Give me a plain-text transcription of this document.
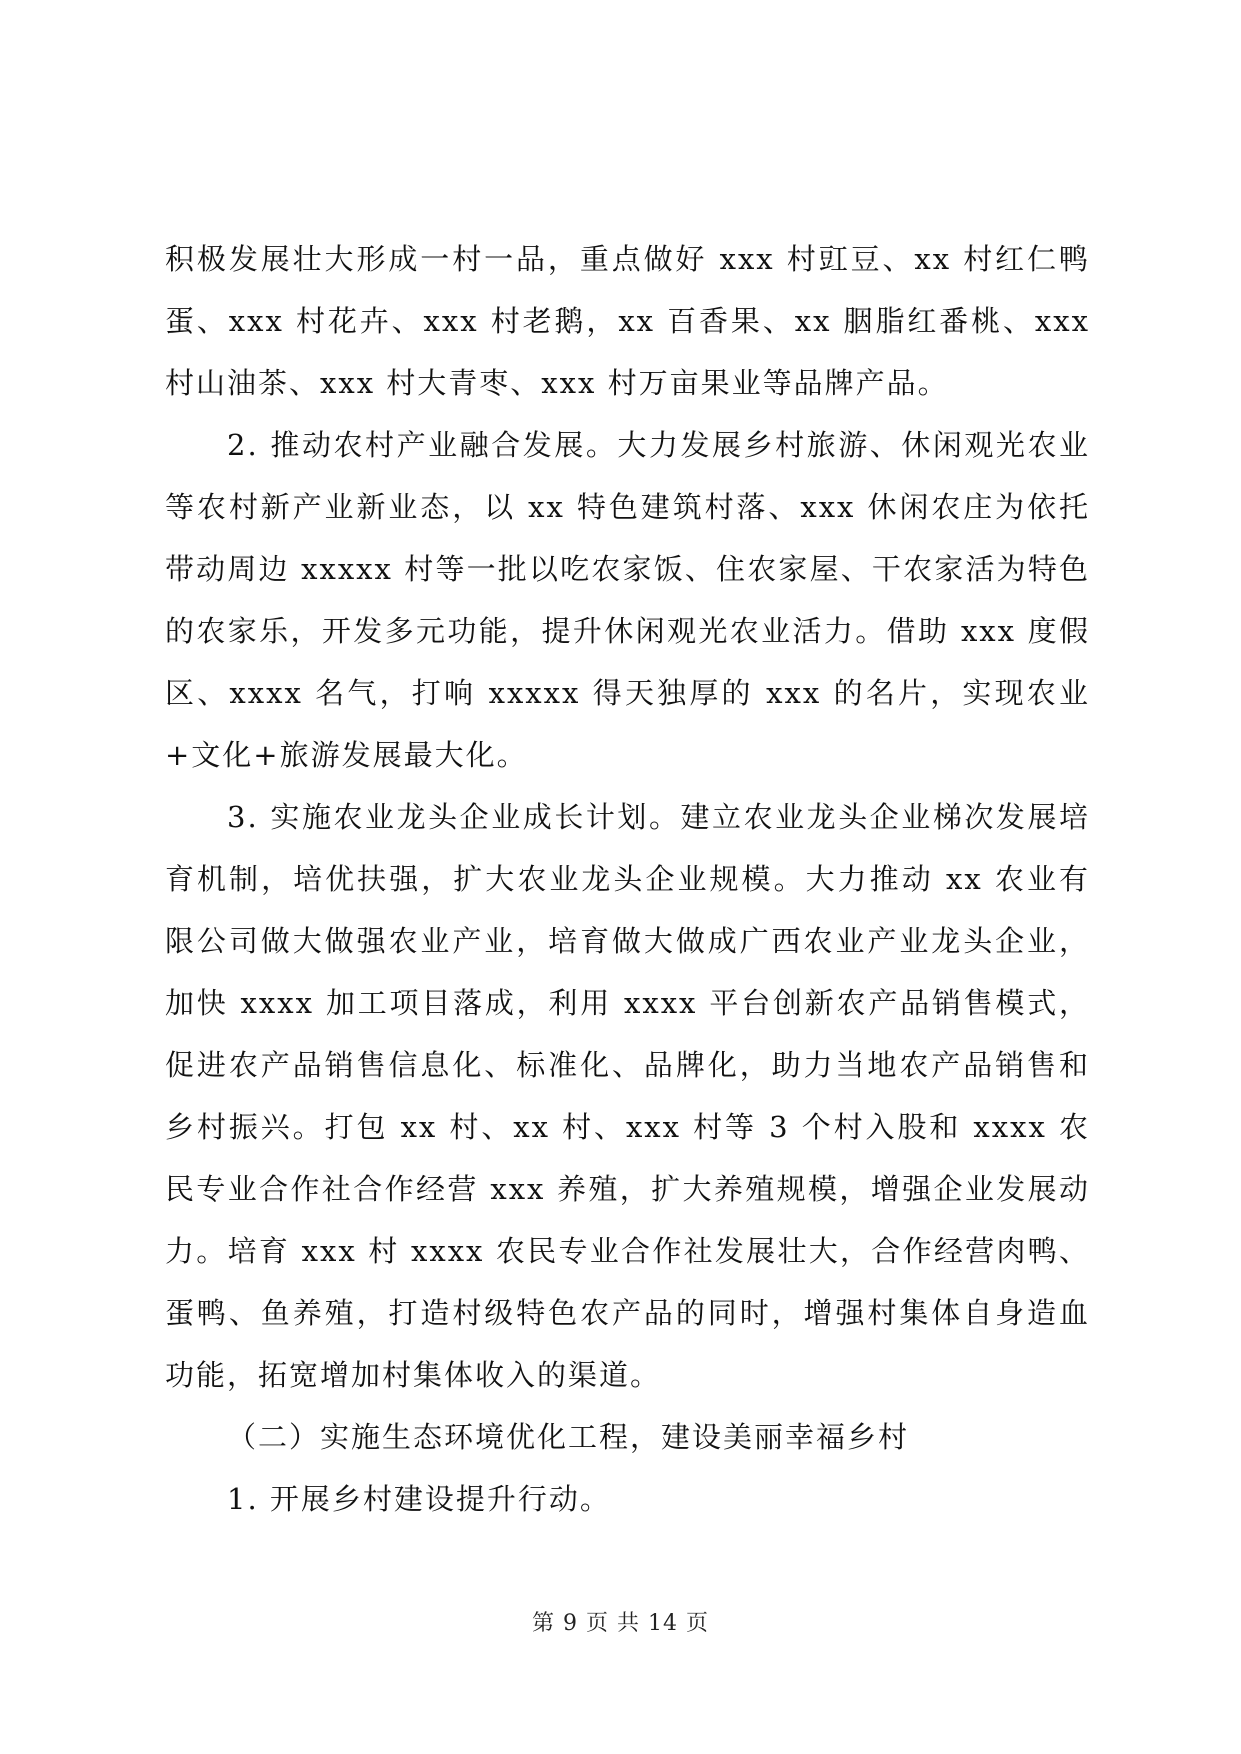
积极发展壮大形成一村一品，重点做好 xxx 村豇豆、xx 村红仁鸭蛋、xxx 村花卉、xxx 村老鹅，xx 百香果、xx 胭脂红番桃、xxx 村山油茶、xxx 村大青枣、xxx 村万亩果业等品牌产品。

2. 推动农村产业融合发展。大力发展乡村旅游、休闲观光农业等农村新产业新业态，以 xx 特色建筑村落、xxx 休闲农庄为依托带动周边 xxxxx 村等一批以吃农家饭、住农家屋、干农家活为特色的农家乐，开发多元功能，提升休闲观光农业活力。借助 xxx 度假区、xxxx 名气，打响 xxxxx 得天独厚的 xxx 的名片，实现农业+文化+旅游发展最大化。

3. 实施农业龙头企业成长计划。建立农业龙头企业梯次发展培育机制，培优扶强，扩大农业龙头企业规模。大力推动 xx 农业有限公司做大做强农业产业，培育做大做成广西农业产业龙头企业，加快 xxxx 加工项目落成，利用 xxxx 平台创新农产品销售模式，促进农产品销售信息化、标准化、品牌化，助力当地农产品销售和乡村振兴。打包 xx 村、xx 村、xxx 村等 3 个村入股和 xxxx 农民专业合作社合作经营 xxx 养殖，扩大养殖规模，增强企业发展动力。培育 xxx 村 xxxx 农民专业合作社发展壮大，合作经营肉鸭、蛋鸭、鱼养殖，打造村级特色农产品的同时，增强村集体自身造血功能，拓宽增加村集体收入的渠道。

（二）实施生态环境优化工程，建设美丽幸福乡村

1. 开展乡村建设提升行动。

第 9 页 共 14 页
